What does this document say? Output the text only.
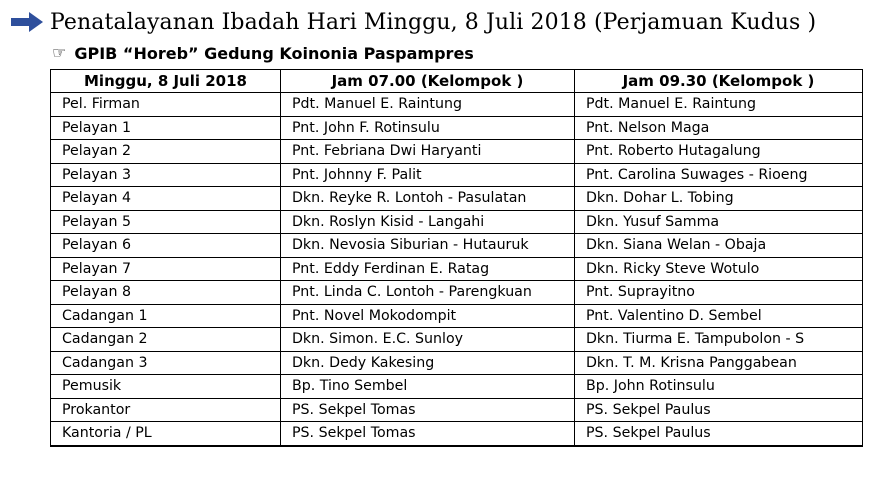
Penatalayanan Ibadah Hari Minggu, 8 Juli 2018 (Perjamuan Kudus )
☞ GPIB “Horeb” Gedung Koinonia Paspampres
Minggu, 8 Juli 2018	Jam 07.00 (Kelompok )	Jam 09.30 (Kelompok )
Pel. Firman	Pdt. Manuel E. Raintung	Pdt. Manuel E. Raintung
Pelayan 1	Pnt. John F. Rotinsulu	Pnt. Nelson Maga
Pelayan 2	Pnt. Febriana Dwi Haryanti	Pnt. Roberto Hutagalung
Pelayan 3	Pnt. Johnny F. Palit	Pnt. Carolina Suwages - Rioeng
Pelayan 4	Dkn. Reyke R. Lontoh - Pasulatan	Dkn. Dohar L. Tobing
Pelayan 5	Dkn. Roslyn Kisid - Langahi	Dkn. Yusuf Samma
Pelayan 6	Dkn. Nevosia Siburian - Hutauruk	Dkn. Siana Welan - Obaja
Pelayan 7	Pnt. Eddy Ferdinan E. Ratag	Dkn. Ricky Steve Wotulo
Pelayan 8	Pnt. Linda C. Lontoh - Parengkuan	Pnt. Suprayitno
Cadangan 1	Pnt. Novel Mokodompit	Pnt. Valentino D. Sembel
Cadangan 2	Dkn. Simon. E.C. Sunloy	Dkn. Tiurma E. Tampubolon - S
Cadangan 3	Dkn. Dedy Kakesing	Dkn. T. M. Krisna Panggabean
Pemusik	Bp. Tino Sembel	Bp. John Rotinsulu
Prokantor	PS. Sekpel Tomas	PS. Sekpel Paulus
Kantoria / PL	PS. Sekpel Tomas	PS. Sekpel Paulus
